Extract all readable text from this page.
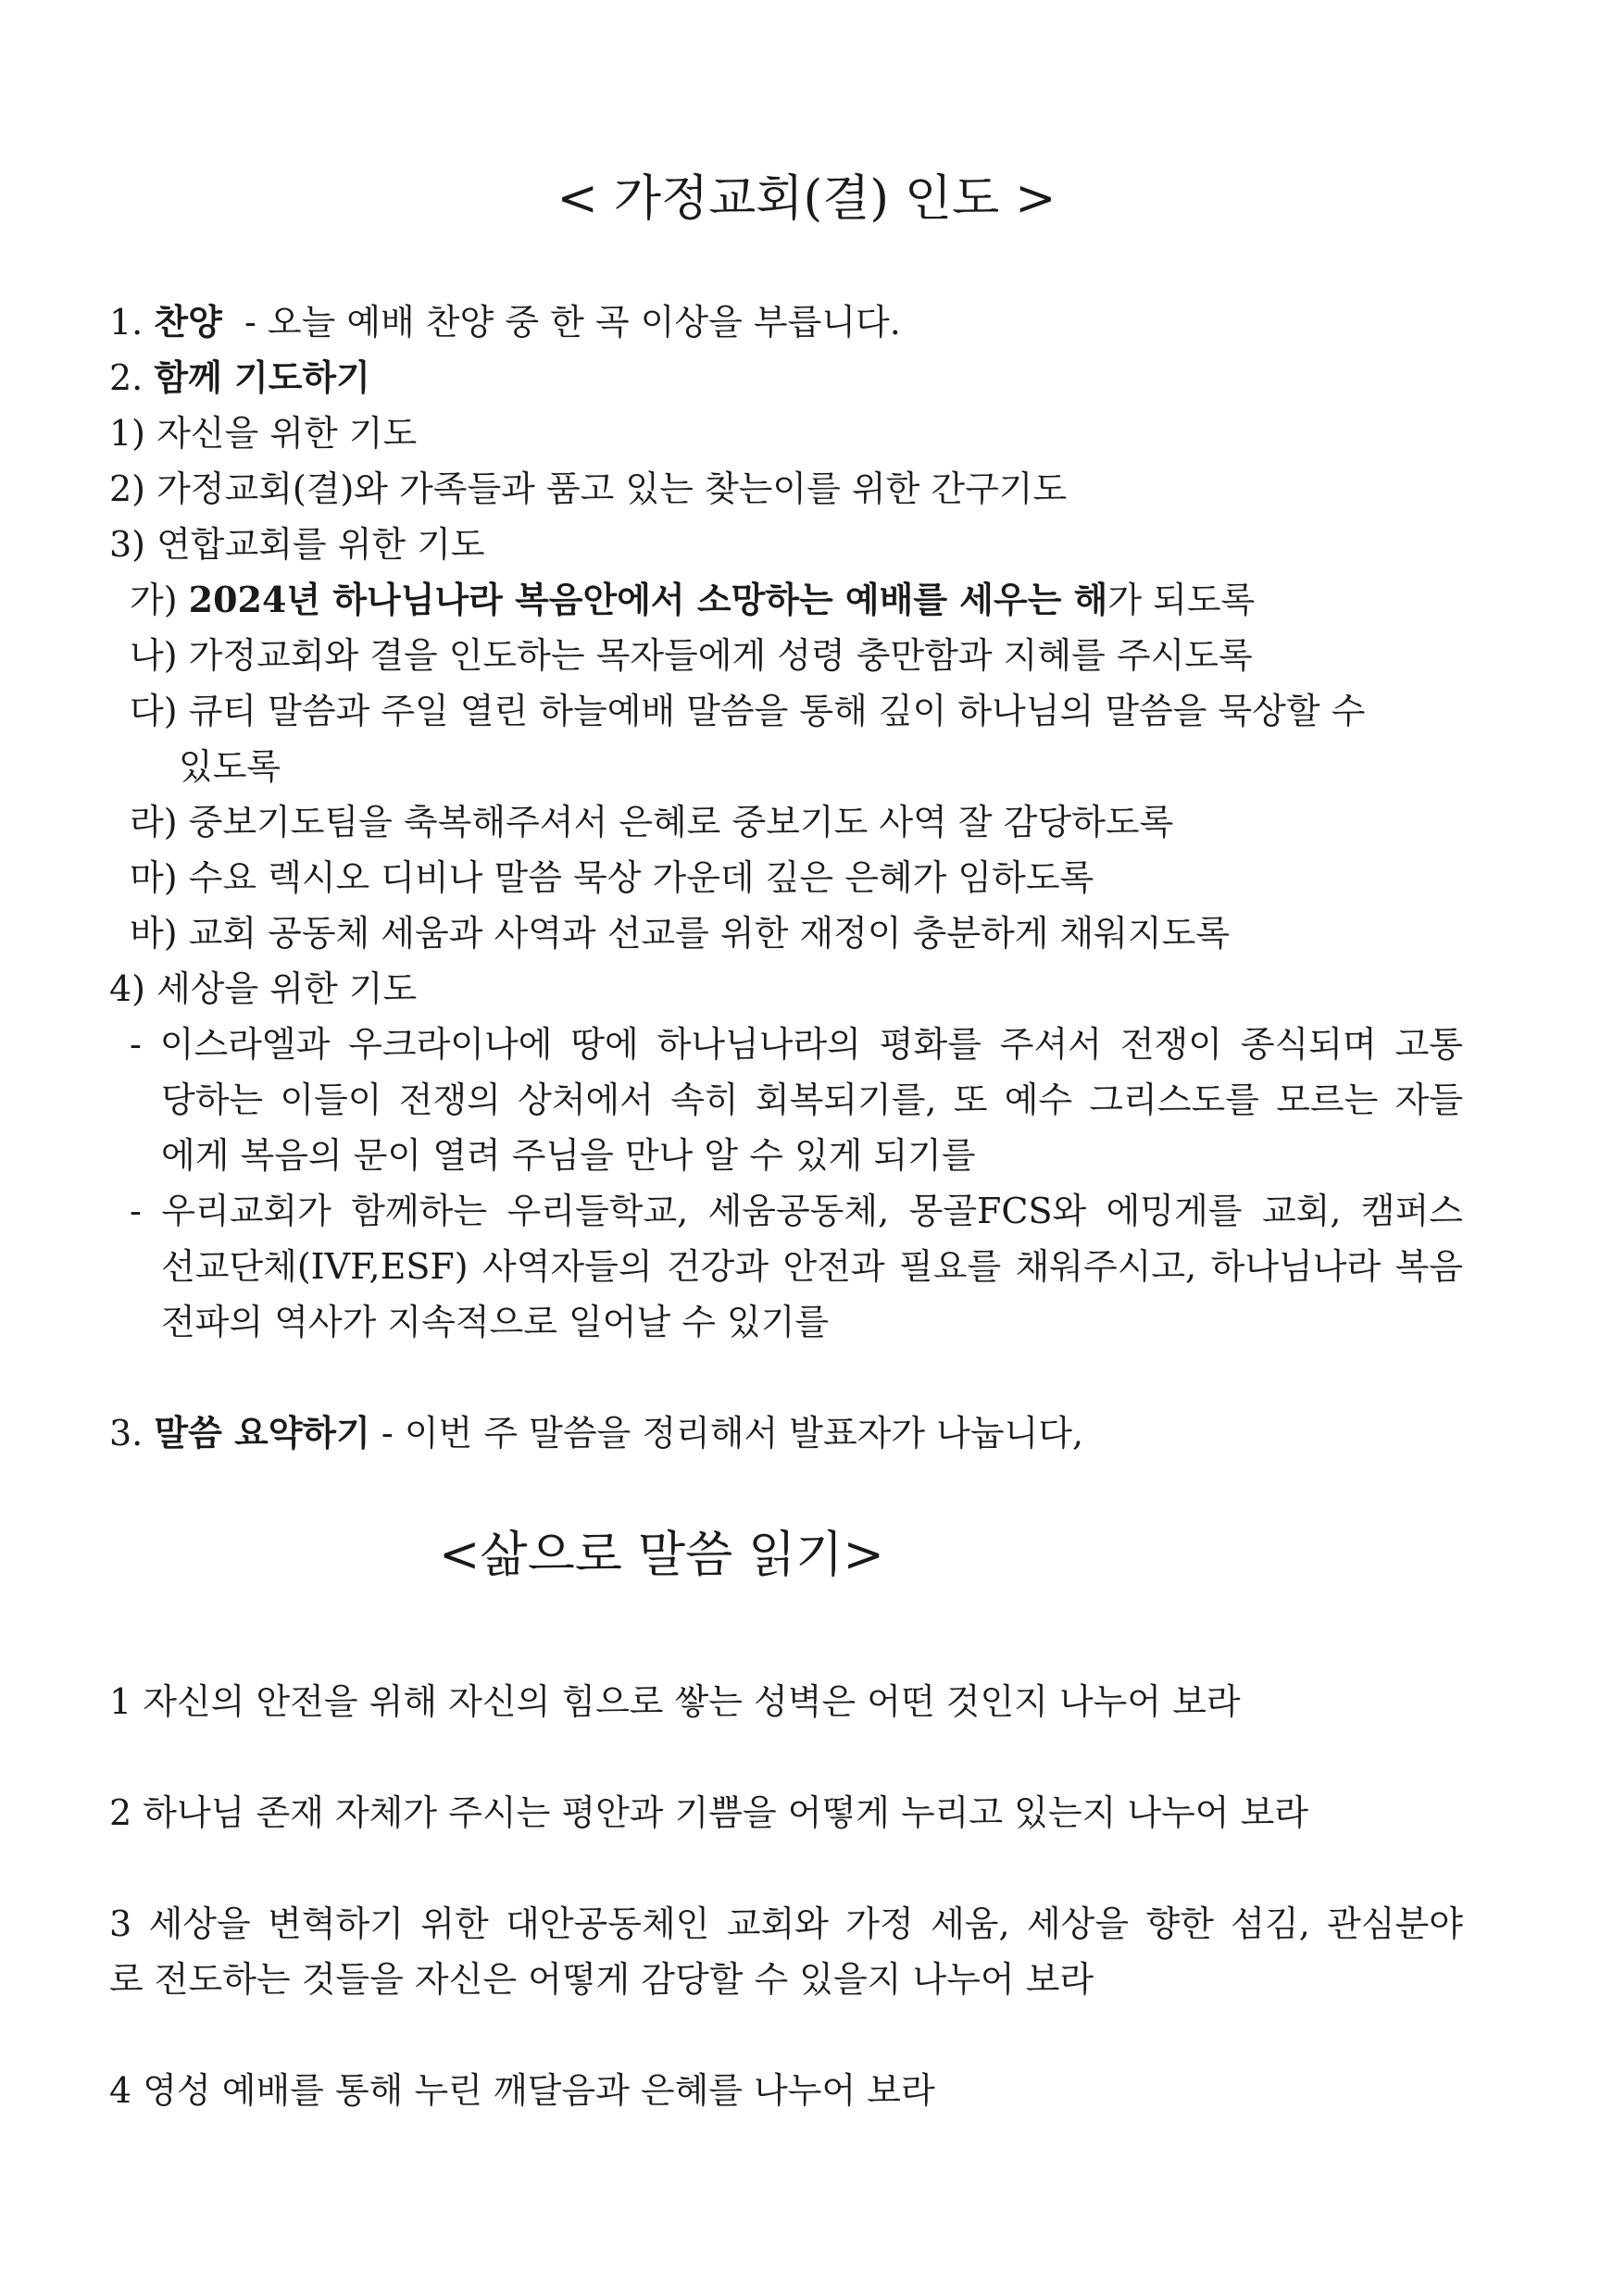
< 가정교회(결) 인도 >
1. 찬양  - 오늘 예배 찬양 중 한 곡 이상을 부릅니다.
2. 함께 기도하기
1) 자신을 위한 기도
2) 가정교회(결)와 가족들과 품고 있는 찾는이를 위한 간구기도
3) 연합교회를 위한 기도
가) 2024년 하나님나라 복음안에서 소망하는 예배를 세우는 해가 되도록
나) 가정교회와 결을 인도하는 목자들에게 성령 충만함과 지혜를 주시도록
다) 큐티 말씀과 주일 열린 하늘예배 말씀을 통해 깊이 하나님의 말씀을 묵상할 수
있도록
라) 중보기도팀을 축복해주셔서 은혜로 중보기도 사역 잘 감당하도록
마) 수요 렉시오 디비나 말씀 묵상 가운데 깊은 은혜가 임하도록
바) 교회 공동체 세움과 사역과 선교를 위한 재정이 충분하게 채워지도록
4) 세상을 위한 기도
- 이스라엘과 우크라이나에 땅에 하나님나라의 평화를 주셔서 전쟁이 종식되며 고통
당하는 이들이 전쟁의 상처에서 속히 회복되기를, 또 예수 그리스도를 모르는 자들
에게 복음의 문이 열려 주님을 만나 알 수 있게 되기를
- 우리교회가 함께하는 우리들학교, 세움공동체, 몽골FCS와 에밍게를 교회, 캠퍼스
선교단체(IVF,ESF) 사역자들의 건강과 안전과 필요를 채워주시고, 하나님나라 복음
전파의 역사가 지속적으로 일어날 수 있기를
3. 말씀 요약하기 - 이번 주 말씀을 정리해서 발표자가 나눕니다,
<삶으로 말씀 읽기>
1 자신의 안전을 위해 자신의 힘으로 쌓는 성벽은 어떤 것인지 나누어 보라
2 하나님 존재 자체가 주시는 평안과 기쁨을 어떻게 누리고 있는지 나누어 보라
3 세상을 변혁하기 위한 대안공동체인 교회와 가정 세움, 세상을 향한 섬김, 관심분야
로 전도하는 것들을 자신은 어떻게 감당할 수 있을지 나누어 보라
4 영성 예배를 통해 누린 깨달음과 은혜를 나누어 보라
